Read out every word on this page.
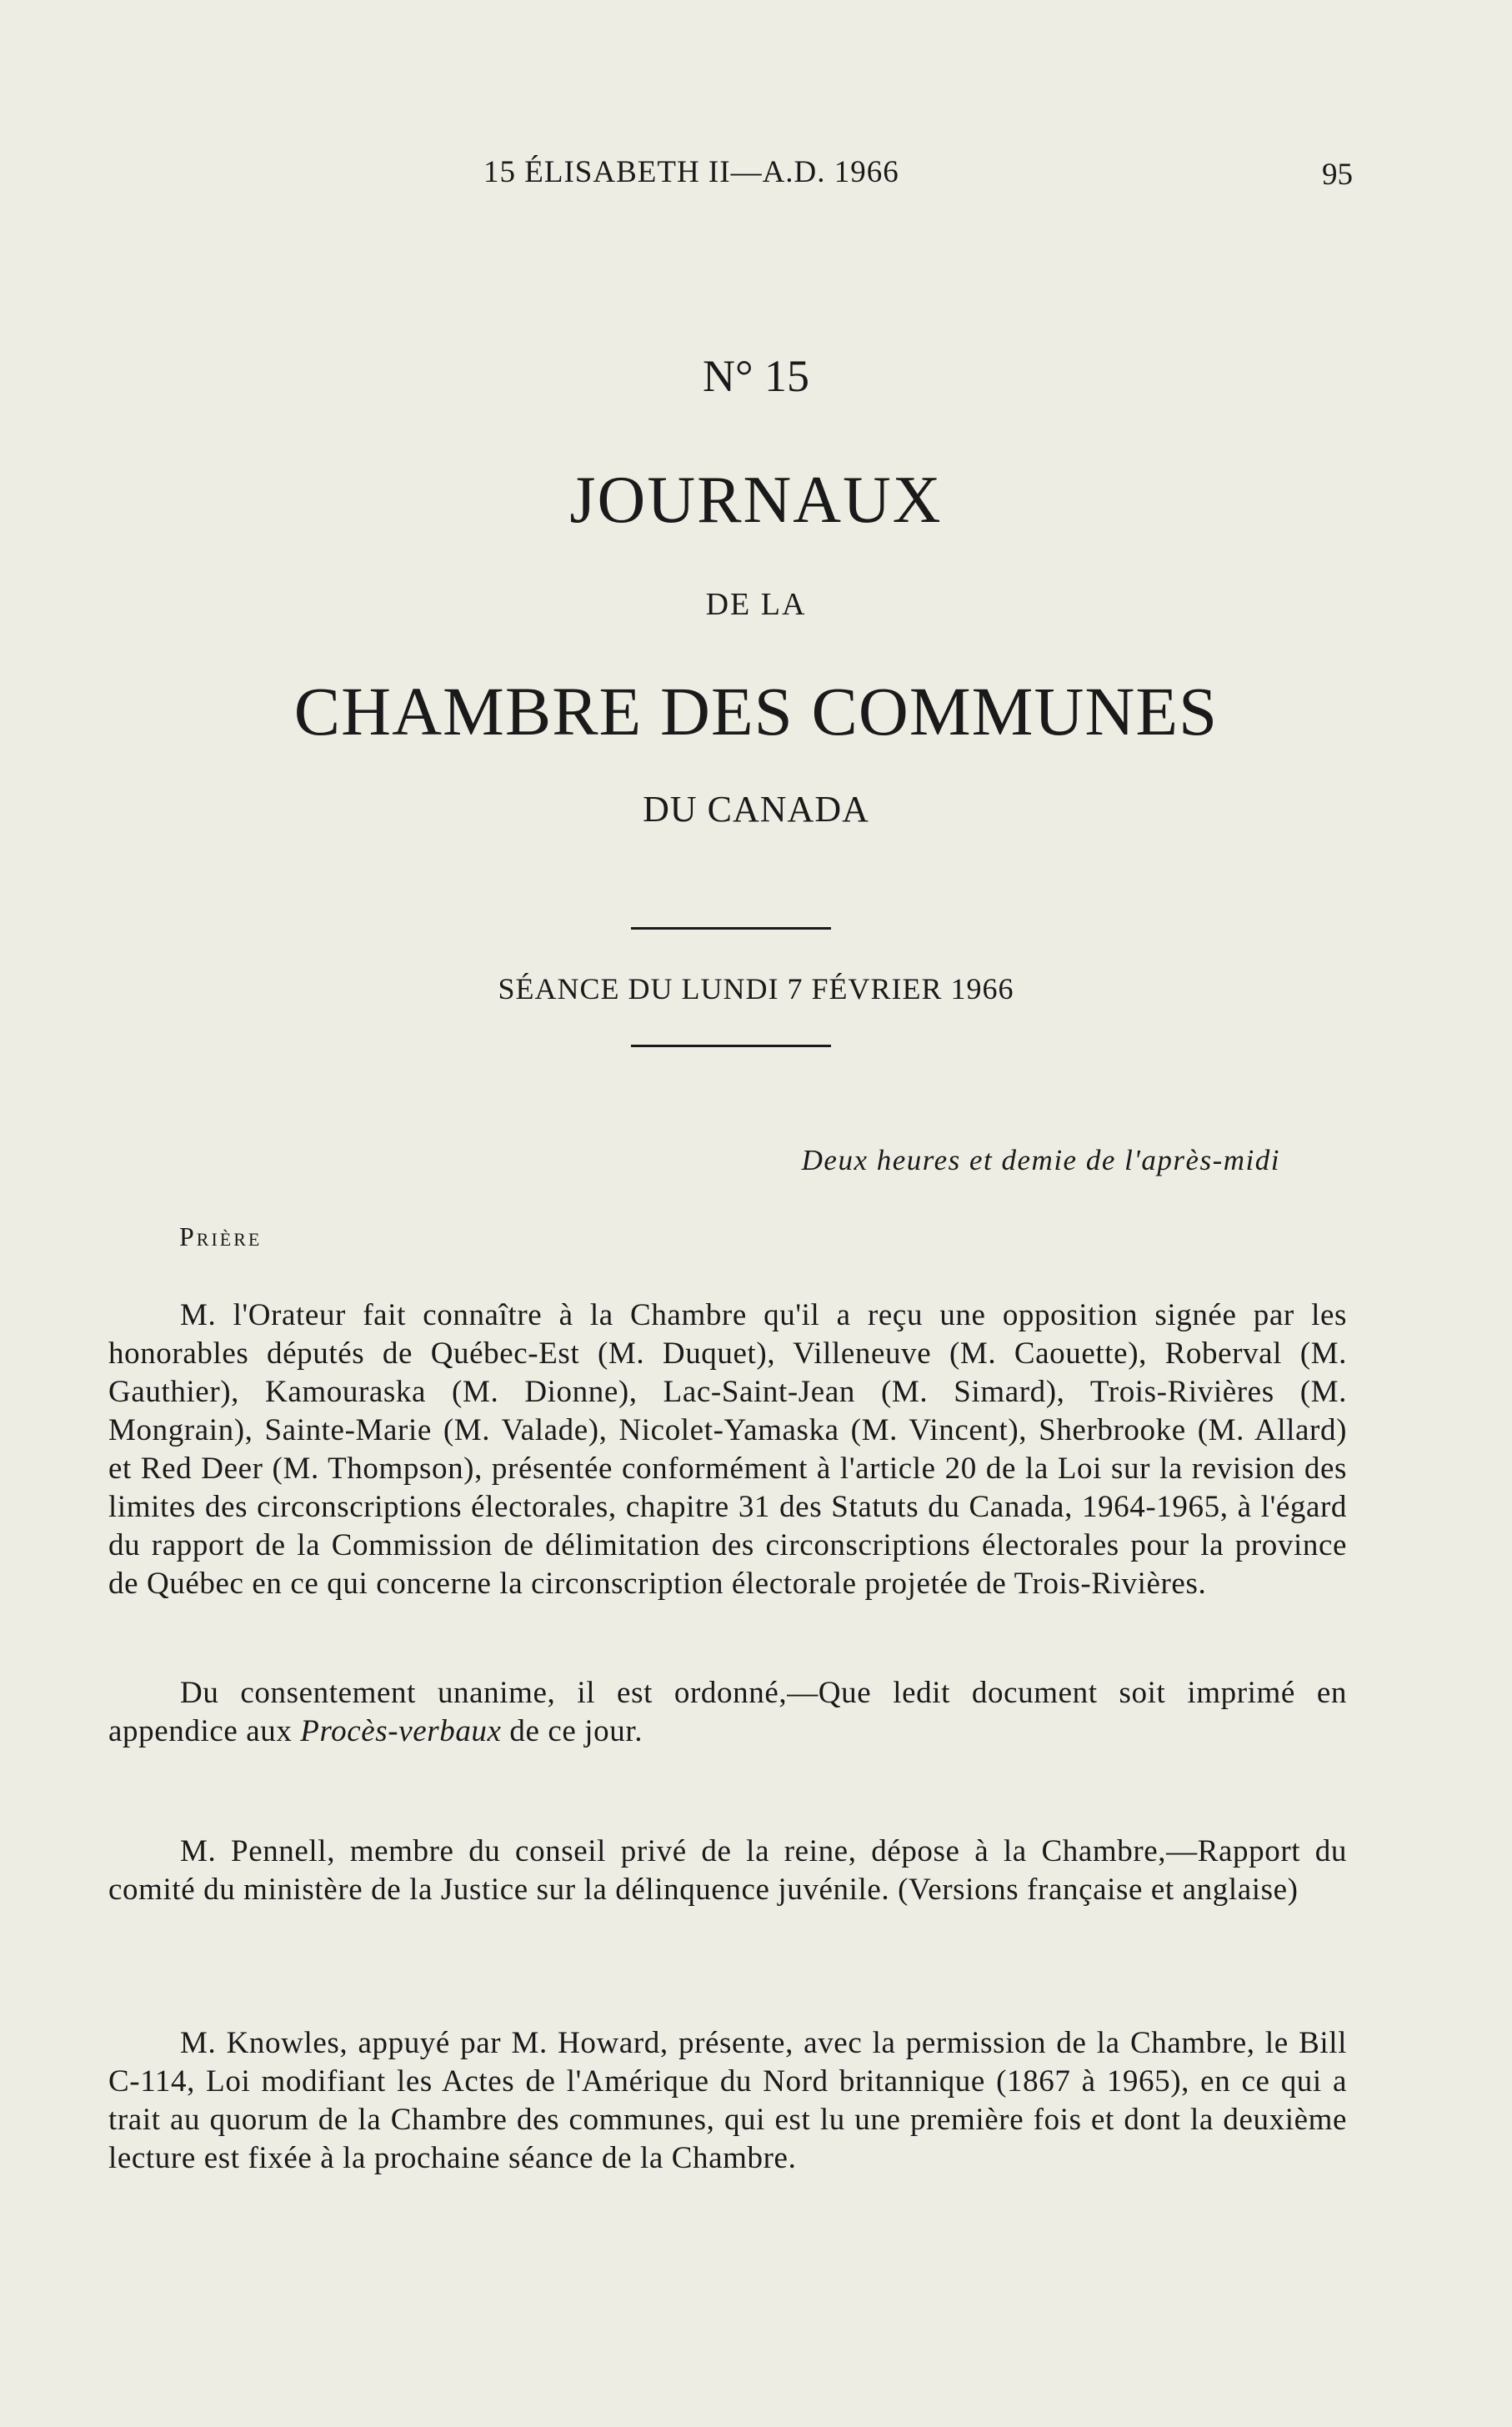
15 ÉLISABETH II—A.D. 1966	95
N° 15
JOURNAUX
DE LA
CHAMBRE DES COMMUNES
DU CANADA
SÉANCE DU LUNDI 7 FÉVRIER 1966
Deux heures et demie de l'après-midi
Prière
M. l'Orateur fait connaître à la Chambre qu'il a reçu une opposition signée par les honorables députés de Québec-Est (M. Duquet), Villeneuve (M. Caouette), Roberval (M. Gauthier), Kamouraska (M. Dionne), Lac-Saint-Jean (M. Simard), Trois-Rivières (M. Mongrain), Sainte-Marie (M. Valade), Nicolet-Yamaska (M. Vincent), Sherbrooke (M. Allard) et Red Deer (M. Thompson), présentée conformément à l'article 20 de la Loi sur la revision des limites des circonscriptions électorales, chapitre 31 des Statuts du Canada, 1964-1965, à l'égard du rapport de la Commission de délimitation des circonscriptions électorales pour la province de Québec en ce qui concerne la circonscription électorale projetée de Trois-Rivières.
Du consentement unanime, il est ordonné,—Que ledit document soit imprimé en appendice aux Procès-verbaux de ce jour.
M. Pennell, membre du conseil privé de la reine, dépose à la Chambre,—Rapport du comité du ministère de la Justice sur la délinquence juvénile. (Versions française et anglaise)
M. Knowles, appuyé par M. Howard, présente, avec la permission de la Chambre, le Bill C-114, Loi modifiant les Actes de l'Amérique du Nord britannique (1867 à 1965), en ce qui a trait au quorum de la Chambre des communes, qui est lu une première fois et dont la deuxième lecture est fixée à la prochaine séance de la Chambre.
